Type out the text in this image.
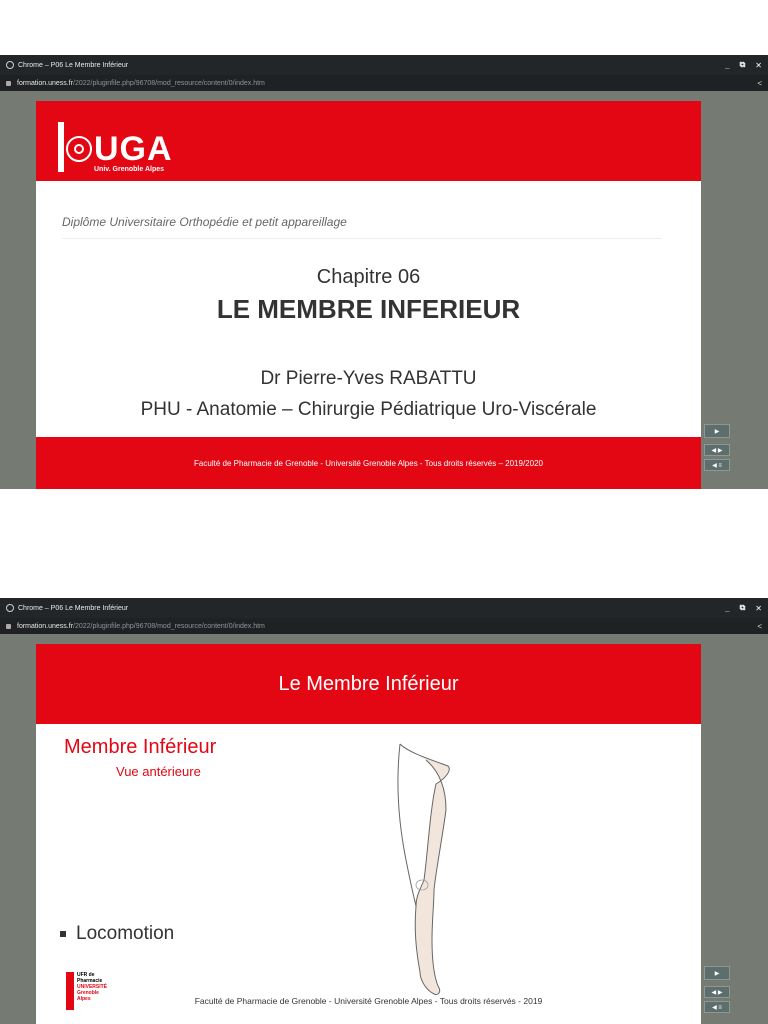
Chrome – P06 Le Membre Inférieur	_ ⧉ ✕
formation.uness.fr /2022/pluginfile.php/96708/mod_resource/content/0/index.htm	<
UGA
Univ. Grenoble Alpes
Diplôme Universitaire Orthopédie et petit appareillage
Chapitre 06
LE MEMBRE INFERIEUR
Dr Pierre-Yves RABATTU
PHU - Anatomie – Chirurgie Pédiatrique Uro-Viscérale
Faculté de Pharmacie de Grenoble - Université Grenoble Alpes - Tous droits réservés – 2019/2020
▶
◀ ▶
◀ ≡
Chrome – P06 Le Membre Inférieur	_ ⧉ ✕
formation.uness.fr /2022/pluginfile.php/96708/mod_resource/content/0/index.htm	<
Le Membre Inférieur
Membre Inférieur
Vue antérieure
Locomotion
UFR de
Pharmacie
UNIVERSITÉ
Grenoble
Alpes	Faculté de Pharmacie de Grenoble - Université Grenoble Alpes - Tous droits réservés - 2019
▶
◀ ▶
◀ ≡
